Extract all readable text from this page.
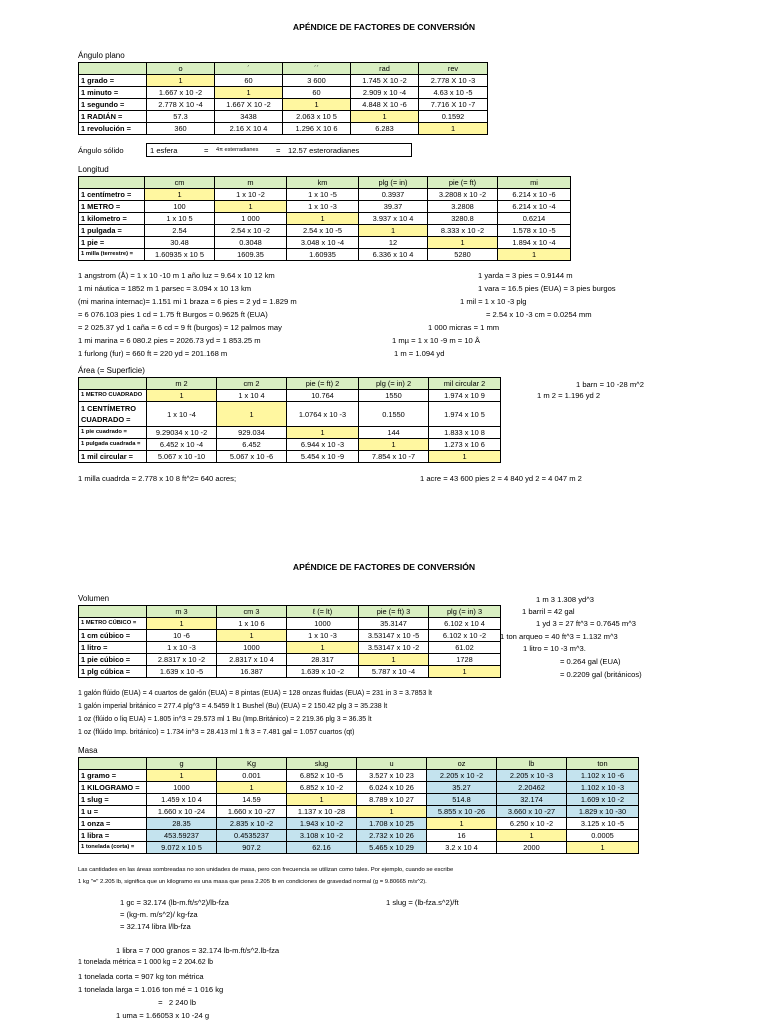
APÉNDICE DE FACTORES DE CONVERSIÓN
Ángulo plano
	o	´	´´	rad	rev
1 grado =	1	60	3 600	1.745 X 10 -2	2.778 X 10 -3
1 minuto =	1.667 x 10 -2	1	60	2.909 x 10 -4	4.63 x 10 -5
1 segundo =	2.778 X 10 -4	1.667 X 10 -2	1	4.848 X 10 -6	7.716 X 10 -7
1 RADIÁN =	57.3	3438	2.063 x 10 5	1	0.1592
1 revolución =	360	2.16 X 10 4	1.296 X 10 6	6.283	1
Ángulo sólido	1 esfera	= 4π esterradianes = 12.57 esteroradianes
Longitud
	cm	m	km	plg (= in)	pie (= ft)	mi
1 centímetro =	1	1 x 10 -2	1 x 10 -5	0.3937	3.2808 x 10 -2	6.214 x 10 -6
1 METRO =	100	1	1 x 10 -3	39.37	3.2808	6.214 x 10 -4
1 kilometro =	1 x 10 5	1 000	1	3.937 x 10 4	3280.8	0.6214
1 pulgada =	2.54	2.54 x 10 -2	2.54 x 10 -5	1	8.333 x 10 -2	1.578 x 10 -5
1 pie =	30.48	0.3048	3.048 x 10 -4	12	1	1.894 x 10 -4
1 milla (terrestre) =	1.60935 x 10 5	1609.35	1.60935	6.336 x 10 4	5280	1
1 angstrom (Å) = 1 x 10 -10 m 1 año luz = 9.64 x 10 12 km
1 mi náutica = 1852 m 1 parsec = 3.094 x 10 13 km
(mi marina internac)= 1.151 mi 1 braza = 6 pies = 2 yd = 1.829 m
= 6 076.103 pies 1 cd = 1.75 ft Burgos = 0.9625 ft (EUA)
= 2 025.37 yd 1 caña = 6 cd = 9 ft (burgos) = 12 palmos may
1 mi marina = 6 080.2 pies = 2026.73 yd = 1 853.25 m
1 furlong (fur) = 660 ft = 220 yd = 201.168 m
1 yarda = 3 pies = 0.9144 m
1 vara = 16.5 pies (EUA) = 3 pies burgos
1 mil = 1 x 10 -3 plg
= 2.54 x 10 -3 cm = 0.0254 mm
1 000 micras = 1 mm
1 mµ = 1 x 10 -9 m = 10 Å
1 m = 1.094 yd
Área (= Superficie)
	m 2	cm 2	pie (= ft) 2	plg (= in) 2	mil circular 2
1 METRO CUADRADO	1	1 x 10 4	10.764	1550	1.974 x 10 9
1 CENTÍMETRO CUADRADO =	1 x 10 -4	1	1.0764 x 10 -3	0.1550	1.974 x 10 5
1 pie cuadrado =	9.29034 x 10 -2	929.034	1	144	1.833 x 10 8
1 pulgada cuadrada =	6.452 x 10 -4	6.452	6.944 x 10 -3	1	1.273 x 10 6
1 mil circular =	5.067 x 10 -10	5.067 x 10 -6	5.454 x 10 -9	7.854 x 10 -7	1
1 barn = 10 -28 m^2
1 m 2 = 1.196 yd 2
1 milla cuadrda = 2.778 x 10 8 ft^2= 640 acres;	1 acre = 43 600 pies 2 = 4 840 yd 2 = 4 047 m 2
APÉNDICE DE FACTORES DE CONVERSIÓN
Volumen
	m 3	cm 3	ℓ (= lt)	pie (= ft) 3	plg (= in) 3
1 METRO CÚBICO =	1	1 x 10 6	1000	35.3147	6.102 x 10 4
1 cm cúbico =	10 -6	1	1 x 10 -3	3.53147 x 10 -5	6.102 x 10 -2
1 litro =	1 x 10 -3	1000	1	3.53147 x 10 -2	61.02
1 pie cúbico =	2.8317 x 10 -2	2.8317 x 10 4	28.317	1	1728
1 plg cúbica =	1.639 x 10 -5	16.387	1.639 x 10 -2	5.787 x 10 -4	1
1 m 3 1.308 yd^3
1 barril = 42 gal
1 yd 3 = 27 ft^3 = 0.7645 m^3
1 ton arqueo = 40 ft^3 = 1.132 m^3
1 litro = 10 -3 m^3.
= 0.264 gal (EUA)
= 0.2209 gal (británicos)
1 galón flúido (EUA) = 4 cuartos de galón (EUA) = 8 pintas (EUA) = 128 onzas fluidas (EUA) = 231 in 3 = 3.7853 lt
1 galón imperial británico = 277.4 plg^3 = 4.5459 lt 1 Bushel (Bu) (EUA) = 2 150.42 plg 3 = 35.238 lt
1 oz (flúido o liq EUA) = 1.805 in^3 = 29.573 ml 1 Bu (Imp.Británico) = 2 219.36 plg 3 = 36.35 lt
1 oz (flúido Imp. británico) = 1.734 in^3 = 28.413 ml 1 ft 3 = 7.481 gal = 1.057 cuartos (qt)
Masa
	g	Kg	slug	u	oz	lb	ton
1 gramo =	1	0.001	6.852 x 10 -5	3.527 x 10 23	2.205 x 10 -2	2.205 x 10 -3	1.102 x 10 -6
1 KILOGRAMO =	1000	1	6.852 x 10 -2	6.024 x 10 26	35.27	2.20462	1.102 x 10 -3
1 slug =	1.459 x 10 4	14.59	1	8.789 x 10 27	514.8	32.174	1.609 x 10 -2
1 u =	1.660 x 10 -24	1.660 x 10 -27	1.137 x 10 -28	1	5.855 x 10 -26	3.660 x 10 -27	1.829 x 10 -30
1 onza =	28.35	2.835 x 10 -2	1.943 x 10 -2	1.708 x 10 25	1	6.250 x 10 -2	3.125 x 10 -5
1 libra =	453.59237	0.4535237	3.108 x 10 -2	2.732 x 10 26	16	1	0.0005
1 tonelada (corta) =	9.072 x 10 5	907.2	62.16	5.465 x 10 29	3.2 x 10 4	2000	1
Las cantidades en las áreas sombreadas no son unidades de masa, pero con frecuencia se utilizan como tales. Por ejemplo, cuando se escribe
1 kg "=" 2.205 lb, significa que un kilogramo es una masa que pesa 2.205 lb en condiciones de gravedad normal (g = 9.80665 m/s^2).
1 gc = 32.174 (lb-m.ft/s^2)/lb-fza
= (kg-m. m/s^2)/ kg-fza
= 32.174 libra l/lb-fza
1 slug = (lb-fza.s^2)/ft
1 libra = 7 000 granos = 32.174 lb-m.ft/s^2.lb-fza
1 tonelada métrica = 1 000 kg = 2 204.62 lb
1 tonelada corta = 907 kg ton métrica
1 tonelada larga = 1.016 ton mé = 1 016 kg
=   2 240 lb
1 uma = 1.66053 x 10 -24 g
